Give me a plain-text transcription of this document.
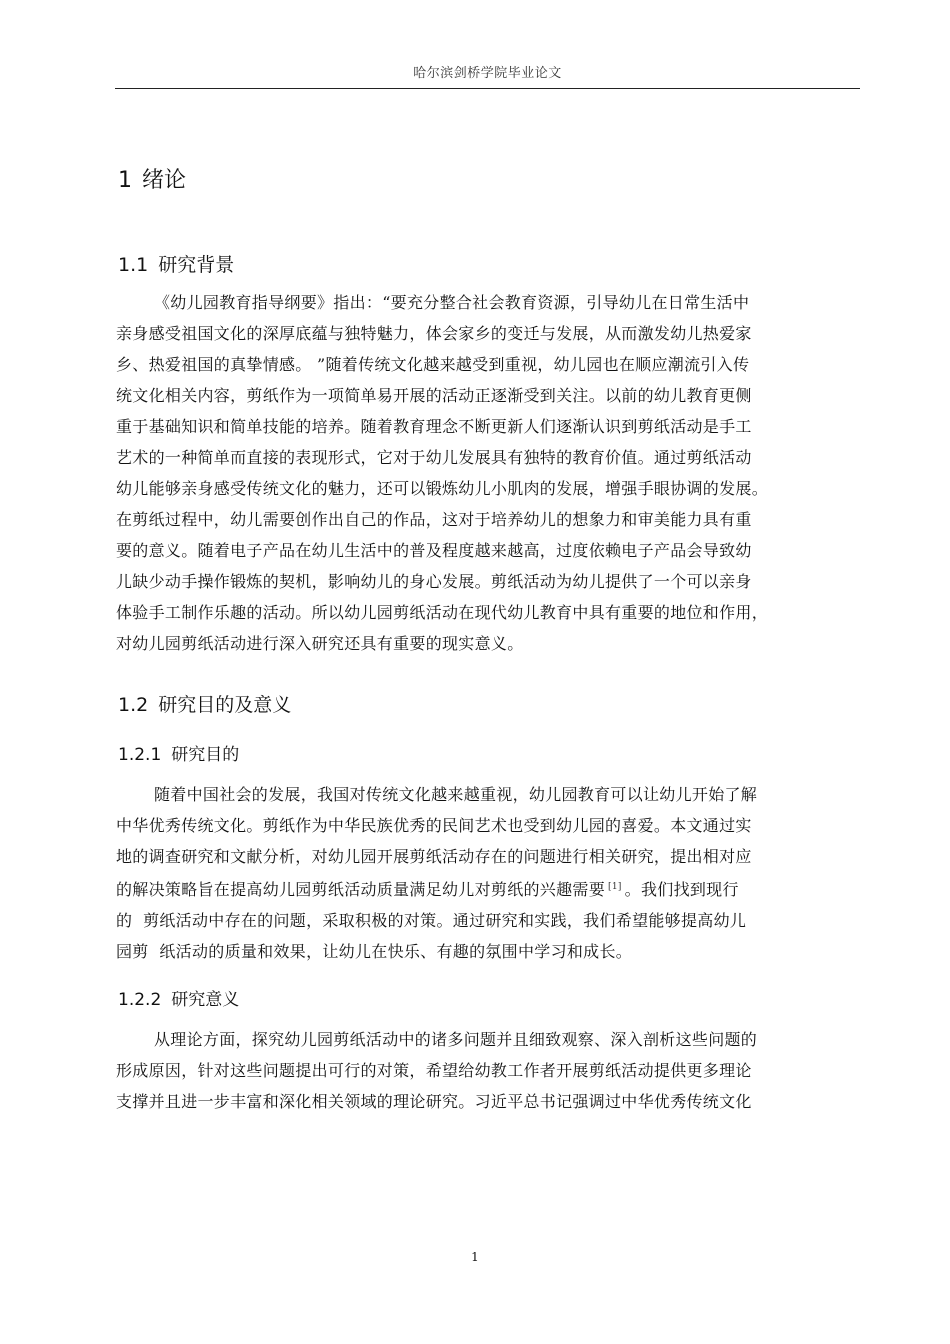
哈尔滨剑桥学院毕业论文
1 绪论
1.1 研究背景
《幼儿园教育指导纲要》指出：“要充分整合社会教育资源，引导幼儿在日常生活中
亲身感受祖国文化的深厚底蕴与独特魅力，体会家乡的变迁与发展，从而激发幼儿热爱家
乡、热爱祖国的真挚情感。 ”随着传统文化越来越受到重视，幼儿园也在顺应潮流引入传
统文化相关内容，剪纸作为一项简单易开展的活动正逐渐受到关注。以前的幼儿教育更侧
重于基础知识和简单技能的培养。随着教育理念不断更新人们逐渐认识到剪纸活动是手工
艺术的一种简单而直接的表现形式，它对于幼儿发展具有独特的教育价值。通过剪纸活动
幼儿能够亲身感受传统文化的魅力，还可以锻炼幼儿小肌肉的发展，增强手眼协调的发展。
在剪纸过程中，幼儿需要创作出自己的作品，这对于培养幼儿的想象力和审美能力具有重
要的意义。随着电子产品在幼儿生活中的普及程度越来越高，过度依赖电子产品会导致幼
儿缺少动手操作锻炼的契机，影响幼儿的身心发展。剪纸活动为幼儿提供了一个可以亲身
体验手工制作乐趣的活动。所以幼儿园剪纸活动在现代幼儿教育中具有重要的地位和作用，
对幼儿园剪纸活动进行深入研究还具有重要的现实意义。
1.2 研究目的及意义
1.2.1 研究目的
随着中国社会的发展，我国对传统文化越来越重视，幼儿园教育可以让幼儿开始了解
中华优秀传统文化。剪纸作为中华民族优秀的民间艺术也受到幼儿园的喜爱。本文通过实
地的调查研究和文献分析，对幼儿园开展剪纸活动存在的问题进行相关研究，提出相对应
的解决策略旨在提高幼儿园剪纸活动质量满足幼儿对剪纸的兴趣需要 [1] 。我们找到现行
的  剪纸活动中存在的问题，采取积极的对策。通过研究和实践，我们希望能够提高幼儿
园剪  纸活动的质量和效果，让幼儿在快乐、有趣的氛围中学习和成长。
1.2.2 研究意义
从理论方面，探究幼儿园剪纸活动中的诸多问题并且细致观察、深入剖析这些问题的
形成原因，针对这些问题提出可行的对策，希望给幼教工作者开展剪纸活动提供更多理论
支撑并且进一步丰富和深化相关领域的理论研究。习近平总书记强调过中华优秀传统文化
1
